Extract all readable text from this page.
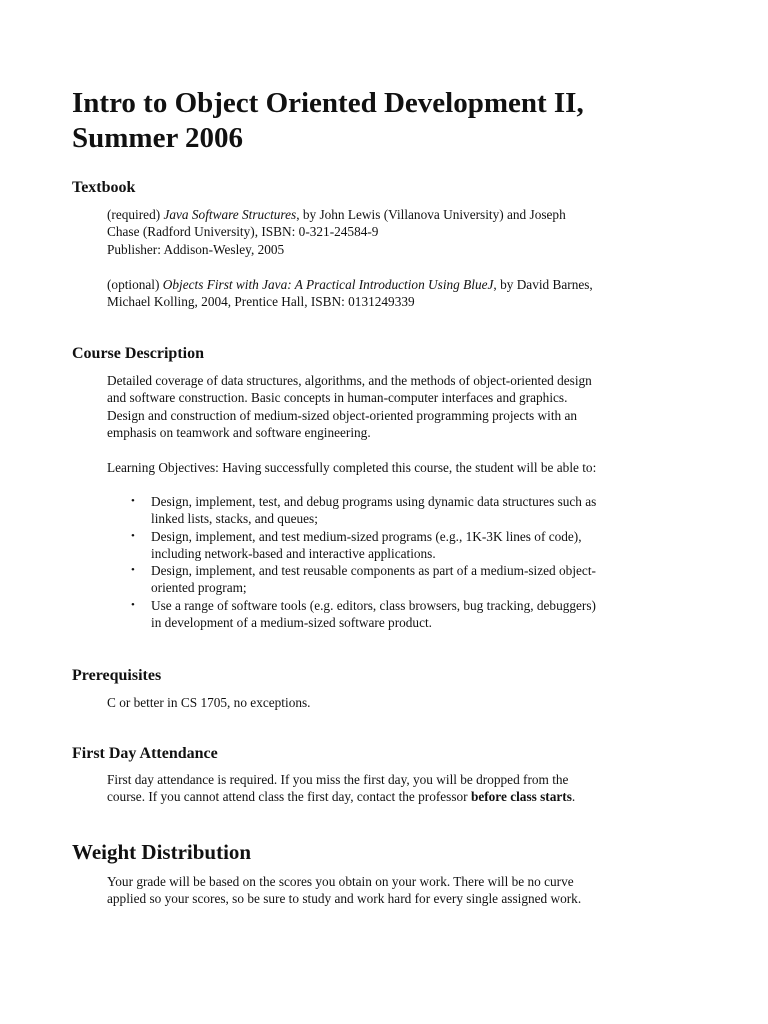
Intro to Object Oriented Development II,
Summer 2006
Textbook

(required) Java Software Structures, by John Lewis (Villanova University) and Joseph
Chase (Radford University), ISBN: 0-321-24584-9
Publisher: Addison-Wesley, 2005

(optional) Objects First with Java: A Practical Introduction Using BlueJ, by David Barnes,
Michael Kolling, 2004, Prentice Hall, ISBN: 0131249339

Course Description

Detailed coverage of data structures, algorithms, and the methods of object-oriented design
and software construction. Basic concepts in human-computer interfaces and graphics.
Design and construction of medium-sized object-oriented programming projects with an
emphasis on teamwork and software engineering.

Learning Objectives: Having successfully completed this course, the student will be able to:

• Design, implement, test, and debug programs using dynamic data structures such as
linked lists, stacks, and queues;
• Design, implement, and test medium-sized programs (e.g., 1K-3K lines of code),
including network-based and interactive applications.
• Design, implement, and test reusable components as part of a medium-sized object-
oriented program;
• Use a range of software tools (e.g. editors, class browsers, bug tracking, debuggers)
in development of a medium-sized software product.
Prerequisites

C or better in CS 1705, no exceptions.

First Day Attendance

First day attendance is required. If you miss the first day, you will be dropped from the
course. If you cannot attend class the first day, contact the professor before class starts.

Weight Distribution

Your grade will be based on the scores you obtain on your work. There will be no curve
applied so your scores, so be sure to study and work hard for every single assigned work.
